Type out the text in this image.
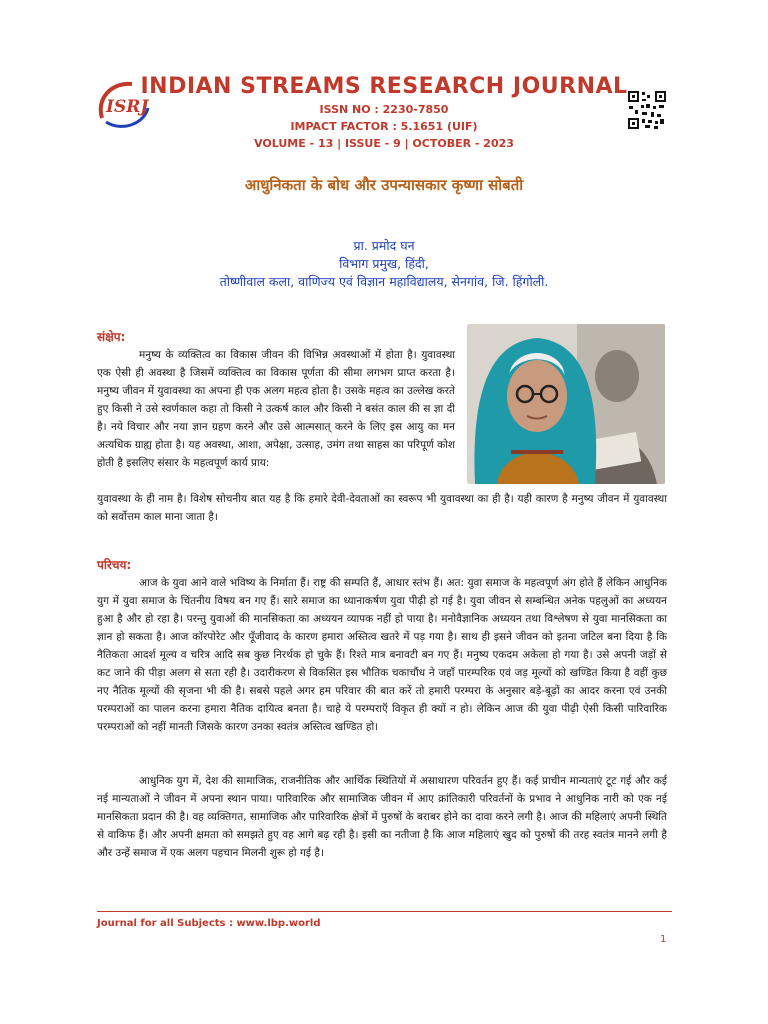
ISRJ
INDIAN STREAMS RESEARCH JOURNAL
ISSN NO : 2230-7850
IMPACT FACTOR : 5.1651 (UIF)
VOLUME - 13 | ISSUE - 9 | OCTOBER - 2023
आधुनिकता के बोध और उपन्यासकार कृष्णा सोबती
प्रा. प्रमोद घन
विभाग प्रमुख, हिंदी,
तोष्णीवाल कला, वाणिज्य एवं विज्ञान महाविद्यालय, सेनगांव, जि. हिंगोली.
संक्षेप:

मनुष्य के व्यक्तित्व का विकास जीवन की विभिन्न अवस्थाओं में होता है। युवावस्था एक ऐसी ही अवस्था है जिसमें व्यक्तित्व का विकास पूर्णता की सीमा लगभग प्राप्त करता है। मनुष्य जीवन में युवावस्था का अपना ही एक अलग महत्व होता है। उसके महत्व का उल्लेख करते हुए किसी ने उसे स्वर्णकाल कहा तो किसी ने उत्कर्ष काल और किसी ने बसंत काल की स ज्ञा दी है। नये विचार और नया ज्ञान ग्रहण करने और उसे आत्मसात् करने के लिए इस आयु का मन अत्यधिक ग्राह्य होता है। यह अवस्था, आशा, अपेक्षा, उत्साह, उमंग तथा साहस का परिपूर्ण कोश होती है इसलिए संसार के महत्वपूर्ण कार्य प्राय:

युवावस्था के ही नाम है। विशेष सोचनीय बात यह है कि हमारे देवी-देवताओं का स्वरूप भी युवावस्था का ही है। यही कारण है मनुष्य जीवन में युवावस्था को सर्वोत्तम काल माना जाता है।

परिचय:

आज के युवा आने वाले भविष्य के निर्माता हैं। राष्ट्र की सम्पति हैं, आधार स्तंभ हैं। अत: युवा समाज के महत्वपूर्ण अंग होते हैं लेकिन आधुनिक युग में युवा समाज के चिंतनीय विषय बन गए हैं। सारे समाज का ध्यानाकर्षण युवा पीढ़ी हो गई है। युवा जीवन से सम्बन्धित अनेक पहलुओं का अध्ययन हुआ है और हो रहा है। परन्तु युवाओं की मानसिकता का अध्ययन व्यापक नहीं हो पाया है। मनोवैज्ञानिक अध्ययन तथा विश्लेषण से युवा मानसिकता का ज्ञान हो सकता है। आज कॉरपोरेट और पूँजीवाद के कारण हमारा अस्तित्व खतरे में पड़ गया है। साथ ही इसने जीवन को इतना जटिल बना दिया है कि नैतिकता आदर्श मूल्य व चरित्र आदि सब कुछ निरर्थक हो चुके हैं। रिश्ते मात्र बनावटी बन गए हैं। मनुष्य एकदम अकेला हो गया है। उसे अपनी जड़ों से कट जाने की पीड़ा अलग से सता रही है। उदारीकरण से विकसित इस भौतिक चकाचौंध ने जहाँ पारम्परिक एवं जड़ मूल्यों को खण्डित किया है वहीं कुछ नए नैतिक मूल्यों की सृजना भी की है। सबसे पहले अगर हम परिवार की बात करें तो हमारी परम्परा के अनुसार बड़े-बूढ़ों का आदर करना एवं उनकी परम्पराओं का पालन करना हमारा नैतिक दायित्व बनता है। चाहे ये परम्पराएँ विकृत ही क्यों न हो। लेकिन आज की युवा पीढ़ी ऐसी किसी पारिवारिक परम्पराओं को नहीं मानती जिसके कारण उनका स्वतंत्र अस्तित्व खण्डित हो।

आधुनिक युग में, देश की सामाजिक, राजनीतिक और आर्थिक स्थितियों में असाधारण परिवर्तन हुए हैं। कई प्राचीन मान्यताएं टूट गई और कई नई मान्यताओं ने जीवन में अपना स्थान पाया। पारिवारिक और सामाजिक जीवन में आए क्रांतिकारी परिवर्तनों के प्रभाव ने आधुनिक नारी को एक नई मानसिकता प्रदान की है। वह व्यक्तिगत, सामाजिक और पारिवारिक क्षेत्रों में पुरुषों के बराबर होने का दावा करने लगी है। आज की महिलाएं अपनी स्थिति से वाकिफ हैं। और अपनी क्षमता को समझते हुए वह आगे बढ़ रही है। इसी का नतीजा है कि आज महिलाएं खुद को पुरुषों की तरह स्वतंत्र मानने लगी है और उन्हें समाज में एक अलग पहचान मिलनी शुरू हो गई है।

Journal for all Subjects : www.lbp.world
1
